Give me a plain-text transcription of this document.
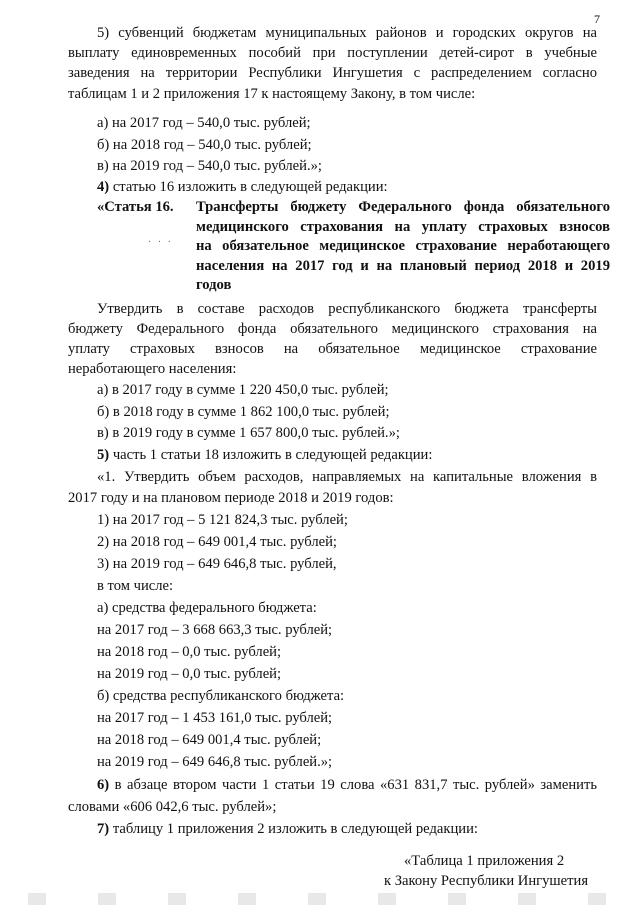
7
5) субвенций бюджетам муниципальных районов и городских округов на
выплату единовременных пособий при поступлении детей-сирот в учебные
заведения на территории Республики Ингушетия с распределением согласно
таблицам 1 и 2 приложения 17 к настоящему Закону, в том числе:
а) на 2017 год – 540,0 тыс. рублей;
б) на 2018 год – 540,0 тыс. рублей;
в) на 2019 год – 540,0 тыс. рублей.»;
4) статью 16 изложить в следующей редакции:
«Статья 16. Трансферты бюджету Федерального фонда обязательного
медицинского страхования на уплату страховых взносов
на обязательное медицинское страхование неработающего
населения на 2017 год и на плановый период 2018 и 2019
годов
· · ·
Утвердить в составе расходов республиканского бюджета трансферты
бюджету Федерального фонда обязательного медицинского страхования на
уплату страховых взносов на обязательное медицинское страхование
неработающего населения:
а) в 2017 году в сумме 1 220 450,0 тыс. рублей;
б) в 2018 году в сумме 1 862 100,0 тыс. рублей;
в) в 2019 году в сумме 1 657 800,0 тыс. рублей.»;
5) часть 1 статьи 18 изложить в следующей редакции:
«1. Утвердить объем расходов, направляемых на капитальные вложения в
2017 году и на плановом периоде 2018 и 2019 годов:
1) на 2017 год – 5 121 824,3 тыс. рублей;
2) на 2018 год – 649 001,4 тыс. рублей;
3) на 2019 год – 649 646,8 тыс. рублей,
в том числе:
а) средства федерального бюджета:
на 2017 год – 3 668 663,3 тыс. рублей;
на 2018 год – 0,0 тыс. рублей;
на 2019 год – 0,0 тыс. рублей;
б) средства республиканского бюджета:
на 2017 год – 1 453 161,0 тыс. рублей;
на 2018 год – 649 001,4 тыс. рублей;
на 2019 год – 649 646,8 тыс. рублей.»;
6) в абзаце втором части 1 статьи 19 слова «631 831,7 тыс. рублей» заменить
словами «606 042,6 тыс. рублей»;
7) таблицу 1 приложения 2 изложить в следующей редакции:
«Таблица 1 приложения 2
к Закону Республики Ингушетия
